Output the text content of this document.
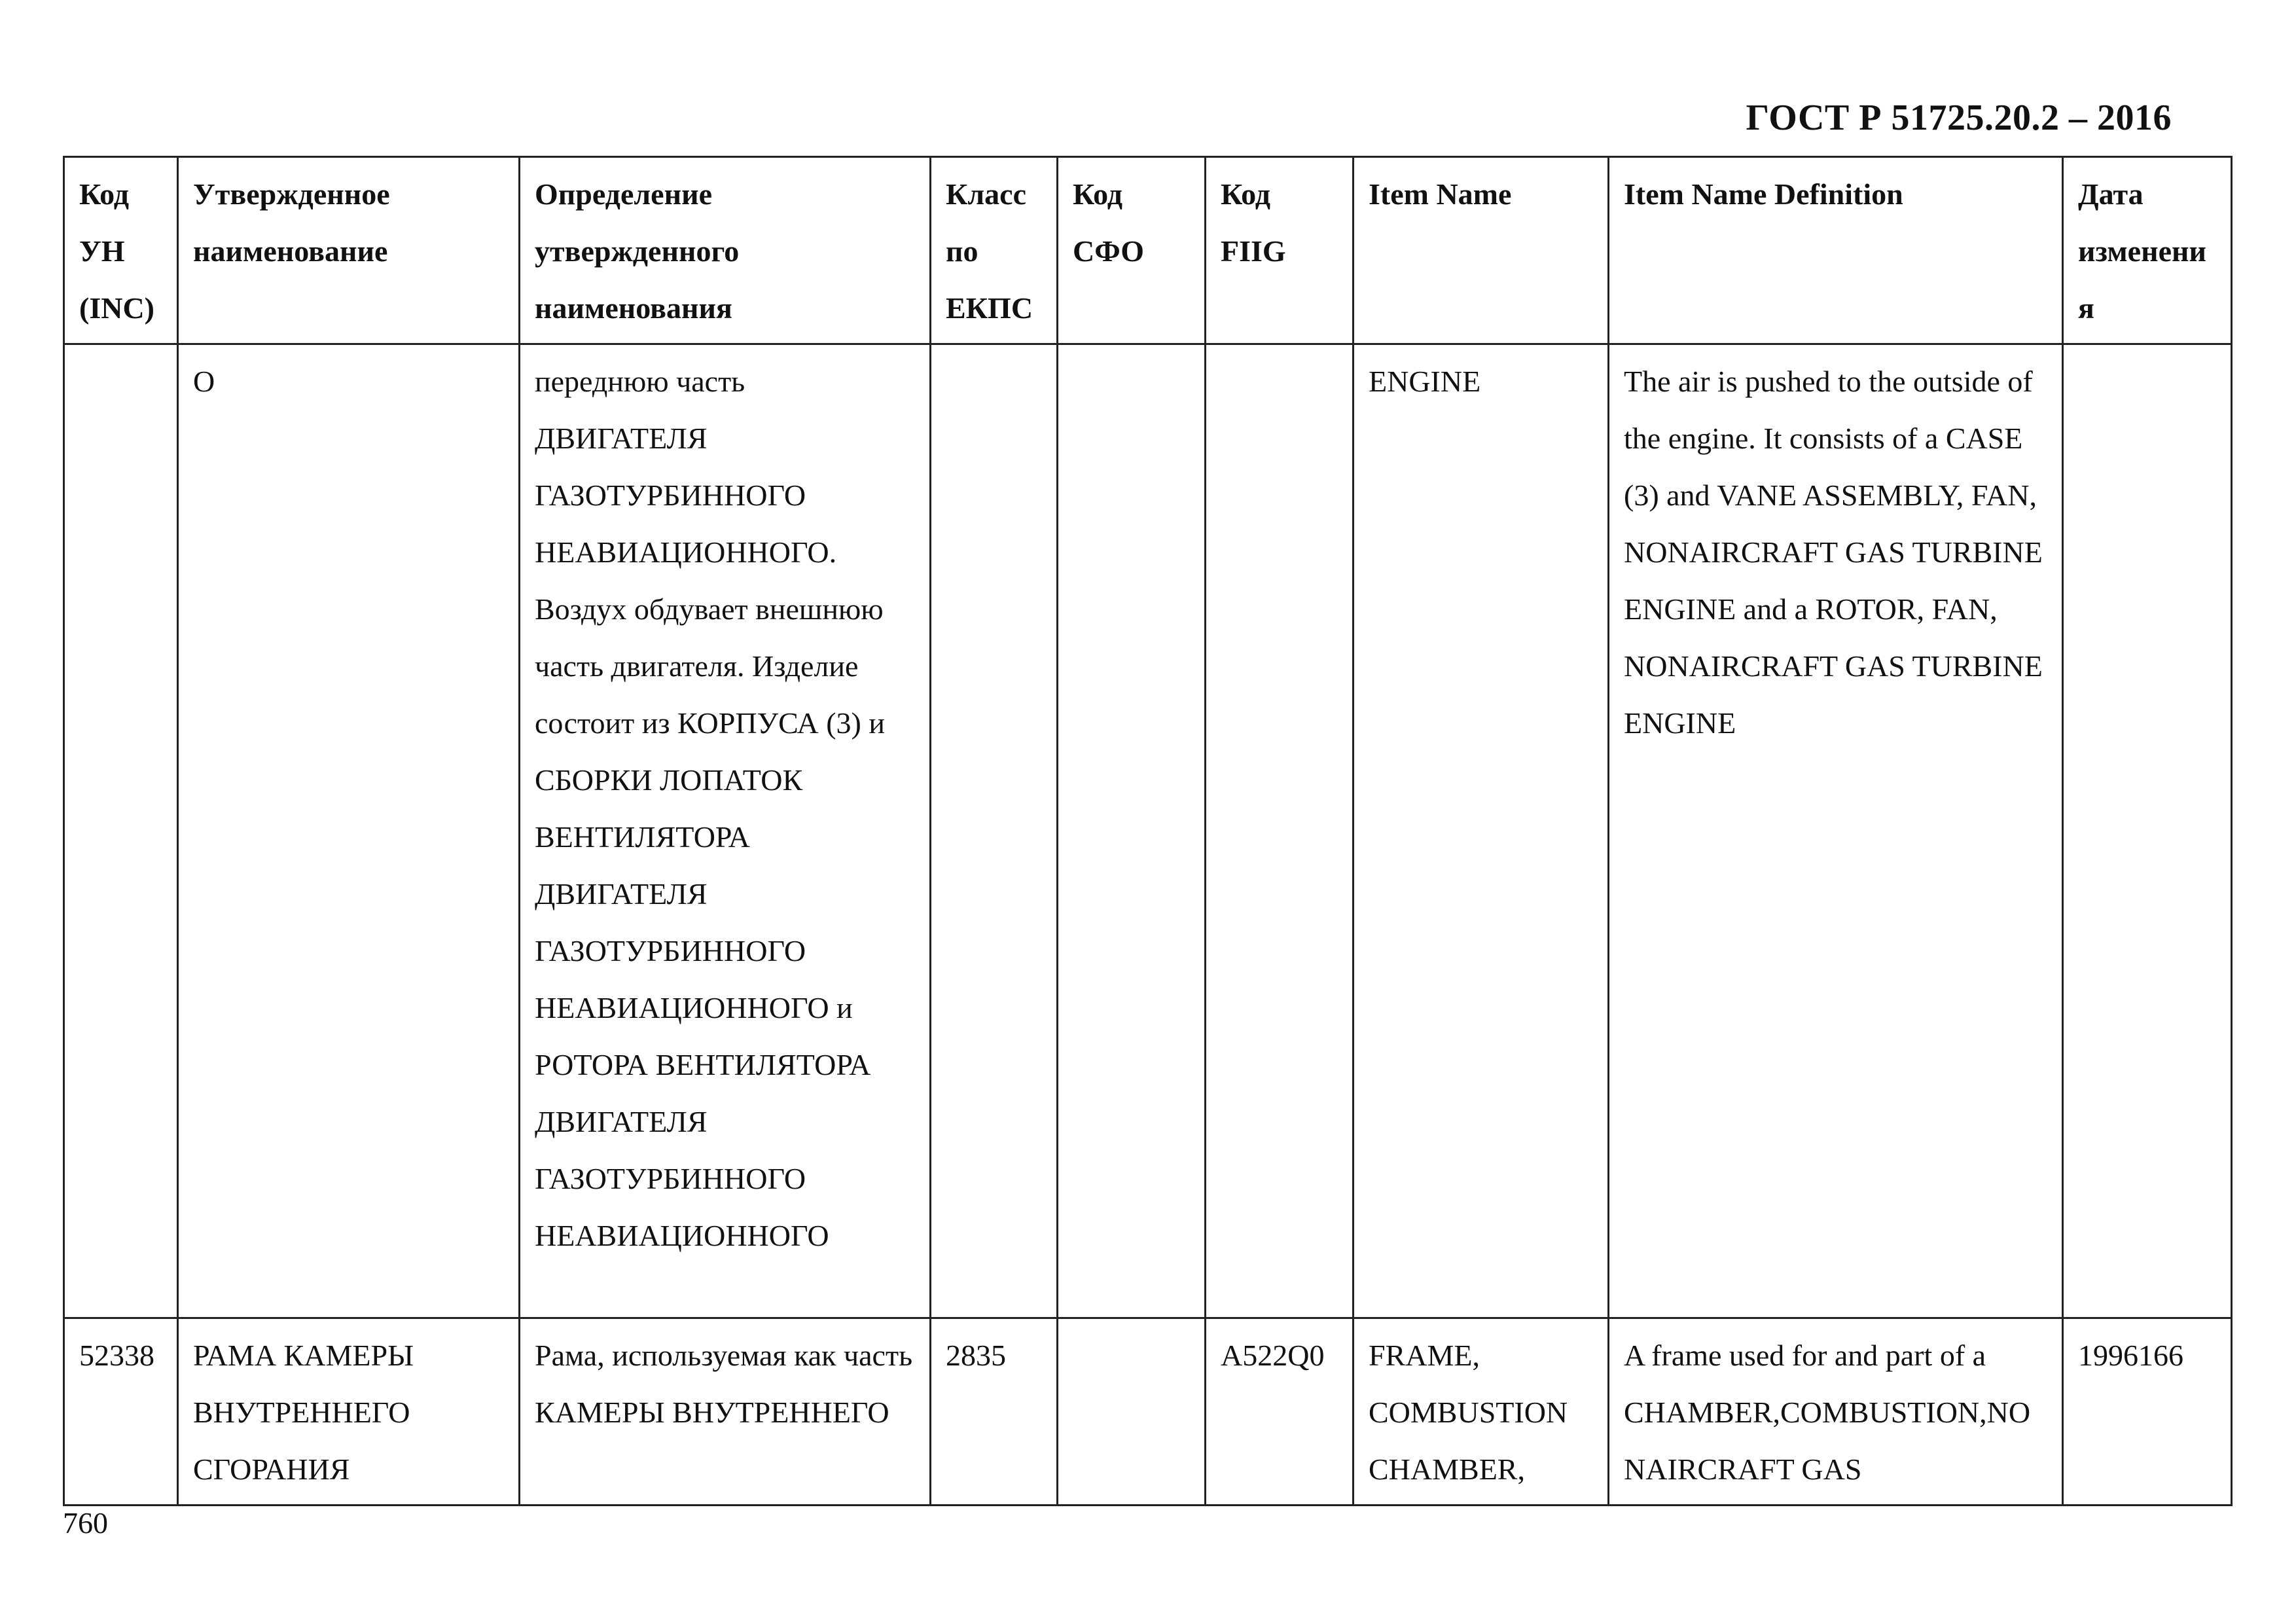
ГОСТ Р 51725.20.2 – 2016
Код УН (INC)	Утвержденное наименование	Определение утвержденного наименования	Класс по ЕКПС	Код СФО	Код FIIG	Item Name	Item Name Definition	Дата изменения
	О	переднюю часть ДВИГАТЕЛЯ ГАЗОТУРБИННОГО НЕАВИАЦИОННОГО. Воздух обдувает внешнюю часть двигателя. Изделие состоит из КОРПУСА (3) и СБОРКИ ЛОПАТОК ВЕНТИЛЯТОРА ДВИГАТЕЛЯ ГАЗОТУРБИННОГО НЕАВИАЦИОННОГО и РОТОРА ВЕНТИЛЯТОРА ДВИГАТЕЛЯ ГАЗОТУРБИННОГО НЕАВИАЦИОННОГО				ENGINE	The air is pushed to the outside of the engine. It consists of a CASE (3) and VANE ASSEMBLY, FAN, NONAIRCRAFT GAS TURBINE ENGINE and a ROTOR, FAN, NONAIRCRAFT GAS TURBINE ENGINE	
52338	РАМА КАМЕРЫ ВНУТРЕННЕГО СГОРАНИЯ	Рама, используемая как часть КАМЕРЫ ВНУТРЕННЕГО	2835		A522Q0	FRAME, COMBUSTION CHAMBER,	A frame used for and part of a CHAMBER,COMBUSTION,NONAIRCRAFT GAS	1996166
760
